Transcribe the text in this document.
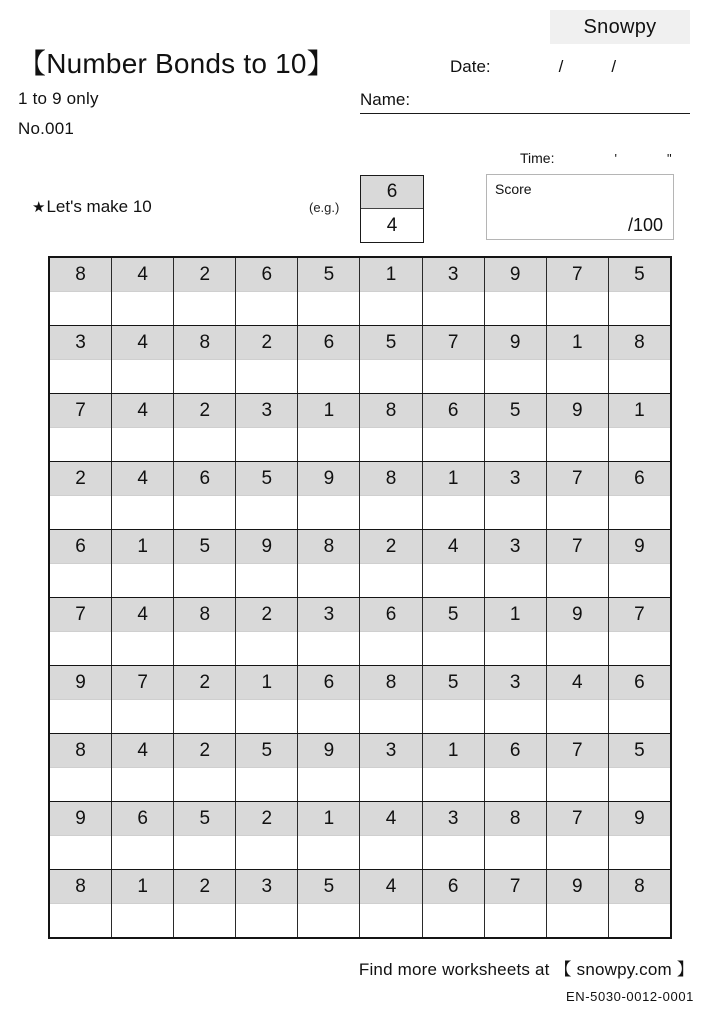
Snowpy
【Number Bonds to 10】
1 to 9 only
No.001
Date:	/	/
Name:
Time:	'	"
Score
/100
★ Let's make 10	(e.g.)
6
4
8	4	2	6	5	1	3	9	7	5
3	4	8	2	6	5	7	9	1	8
7	4	2	3	1	8	6	5	9	1
2	4	6	5	9	8	1	3	7	6
6	1	5	9	8	2	4	3	7	9
7	4	8	2	3	6	5	1	9	7
9	7	2	1	6	8	5	3	4	6
8	4	2	5	9	3	1	6	7	5
9	6	5	2	1	4	3	8	7	9
8	1	2	3	5	4	6	7	9	8
Find more worksheets at 【 snowpy.com 】
EN-5030-0012-0001
